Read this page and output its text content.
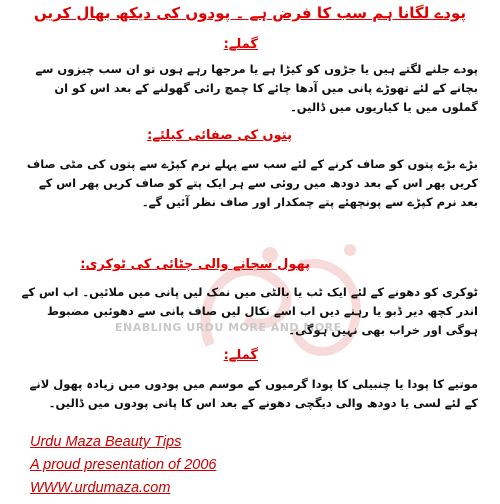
ENABLING URDU MORE AND MORE
پودے لگانا ہم سب کا فرض ہے ۔ پودوں کی دیکھ بھال کریں
گملے:
پودے جلنے لگتے ہیں یا جڑوں کو کیڑا ہے یا مرجھا رہے ہوں تو ان سب چیزوں سے بچانے کے لئے تھوڑے پانی میں آدھا چائے کا چمچ رائی گھولنے کے بعد اس کو ان گملوں میں یا کیاریوں میں ڈالیں۔
پتوں کی صفائی کیلئے:
بڑے بڑے پتوں کو صاف کرنے کے لئے سب سے پہلے نرم کپڑے سے پتوں کی مٹی صاف کریں پھر اس کے بعد دودھ میں روئی سے ہر ایک پتے کو صاف کریں پھر اس کے بعد نرم کپڑے سے پونچھئے پتے چمکدار اور صاف نظر آئیں گے۔
پھول سجانے والی چٹائی کی ٹوکری:
ٹوکری کو دھونے کے لئے ایک ٹب یا بالٹی میں نمک لیں پانی میں ملائیں۔ اب اس کے اندر کچھ دیر ڈبو یا رہنے دیں اب اسے نکال لیں صاف پانی سے دھوئیں مضبوط ہوگی اور خراب بھی نہیں ہوگی۔
گملے:
موتیے کا پودا یا چنبیلی کا پودا گرمیوں کے موسم میں پودوں میں زیادہ پھول لانے کے لئے لسی یا دودھ والی دیگچی دھونے کے بعد اس کا پانی پودوں میں ڈالیں۔
Urdu Maza Beauty Tips
A proud presentation of 2006
WWW.urdumaza.com
